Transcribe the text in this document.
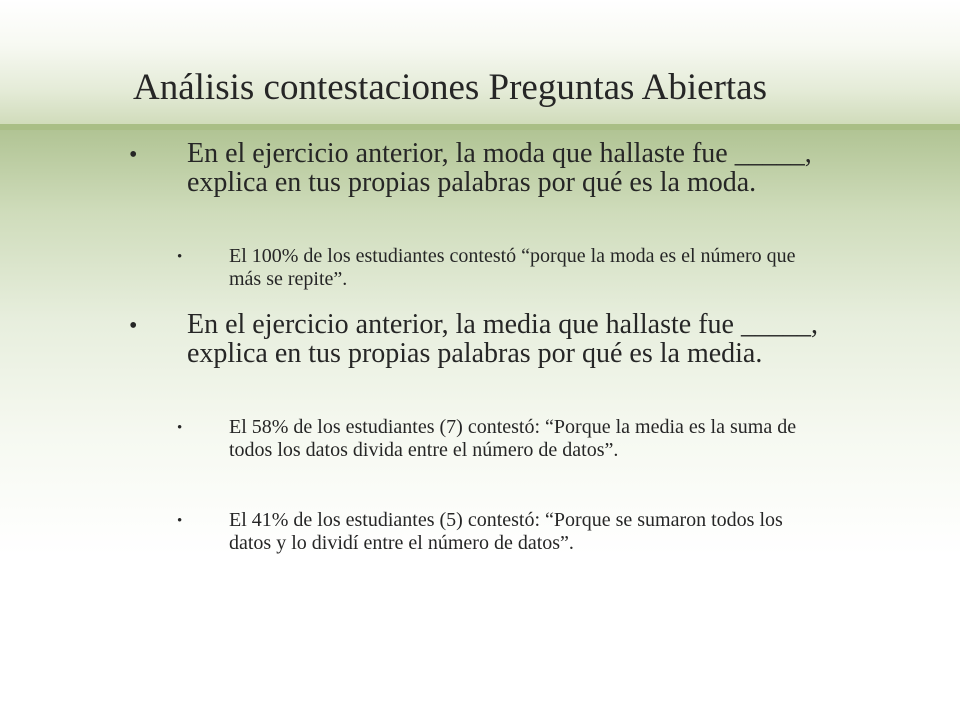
Análisis contestaciones Preguntas Abiertas
• En el ejercicio anterior, la moda que hallaste fue _____, explica en tus propias palabras por qué es la moda.
• El 100% de los estudiantes contestó “porque la moda es el número que más se repite”.
• En el ejercicio anterior, la media que hallaste fue _____, explica en tus propias palabras por qué es la media.
• El 58% de los estudiantes (7) contestó: “Porque la media es la suma de todos los datos divida entre el número de datos”.
• El 41% de los estudiantes (5) contestó: “Porque se sumaron todos los datos y lo dividí entre el número de datos”.
